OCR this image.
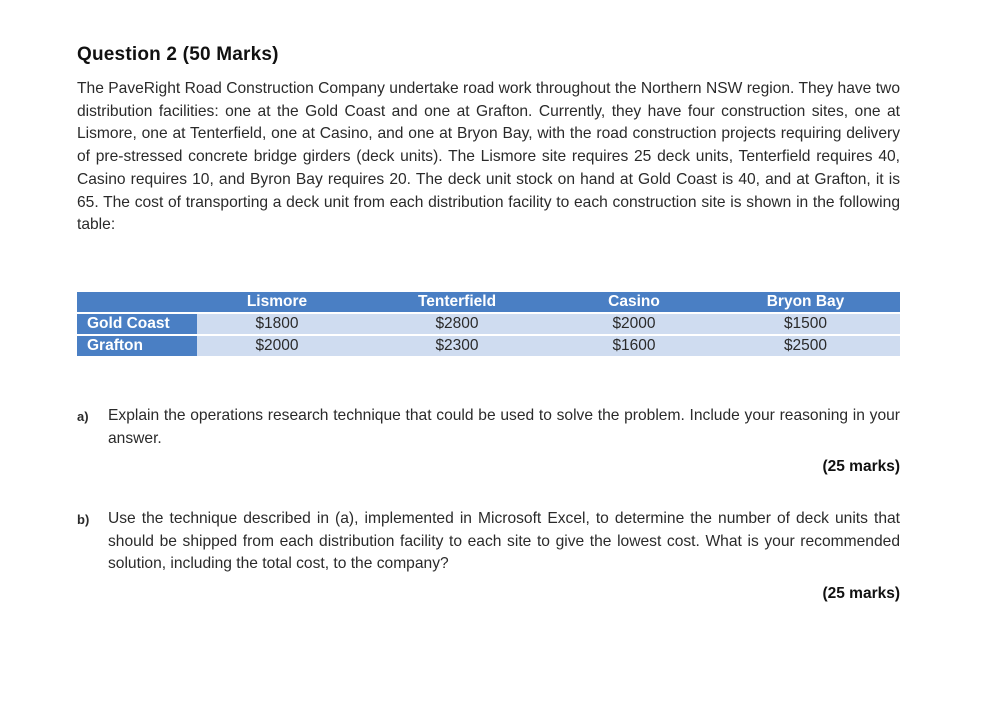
Question 2 (50 Marks)
The PaveRight Road Construction Company undertake road work throughout the Northern NSW region. They have two distribution facilities: one at the Gold Coast and one at Grafton. Currently, they have four construction sites, one at Lismore, one at Tenterfield, one at Casino, and one at Bryon Bay, with the road construction projects requiring delivery of pre-stressed concrete bridge girders (deck units). The Lismore site requires 25 deck units, Tenterfield requires 40, Casino requires 10, and Byron Bay requires 20. The deck unit stock on hand at Gold Coast is 40, and at Grafton, it is 65. The cost of transporting a deck unit from each distribution facility to each construction site is shown in the following table:
	Lismore	Tenterfield	Casino	Bryon Bay
Gold Coast	$1800	$2800	$2000	$1500
Grafton	$2000	$2300	$1600	$2500
a) Explain the operations research technique that could be used to solve the problem. Include your reasoning in your answer.
(25 marks)
b) Use the technique described in (a), implemented in Microsoft Excel, to determine the number of deck units that should be shipped from each distribution facility to each site to give the lowest cost. What is your recommended solution, including the total cost, to the company?
(25 marks)
